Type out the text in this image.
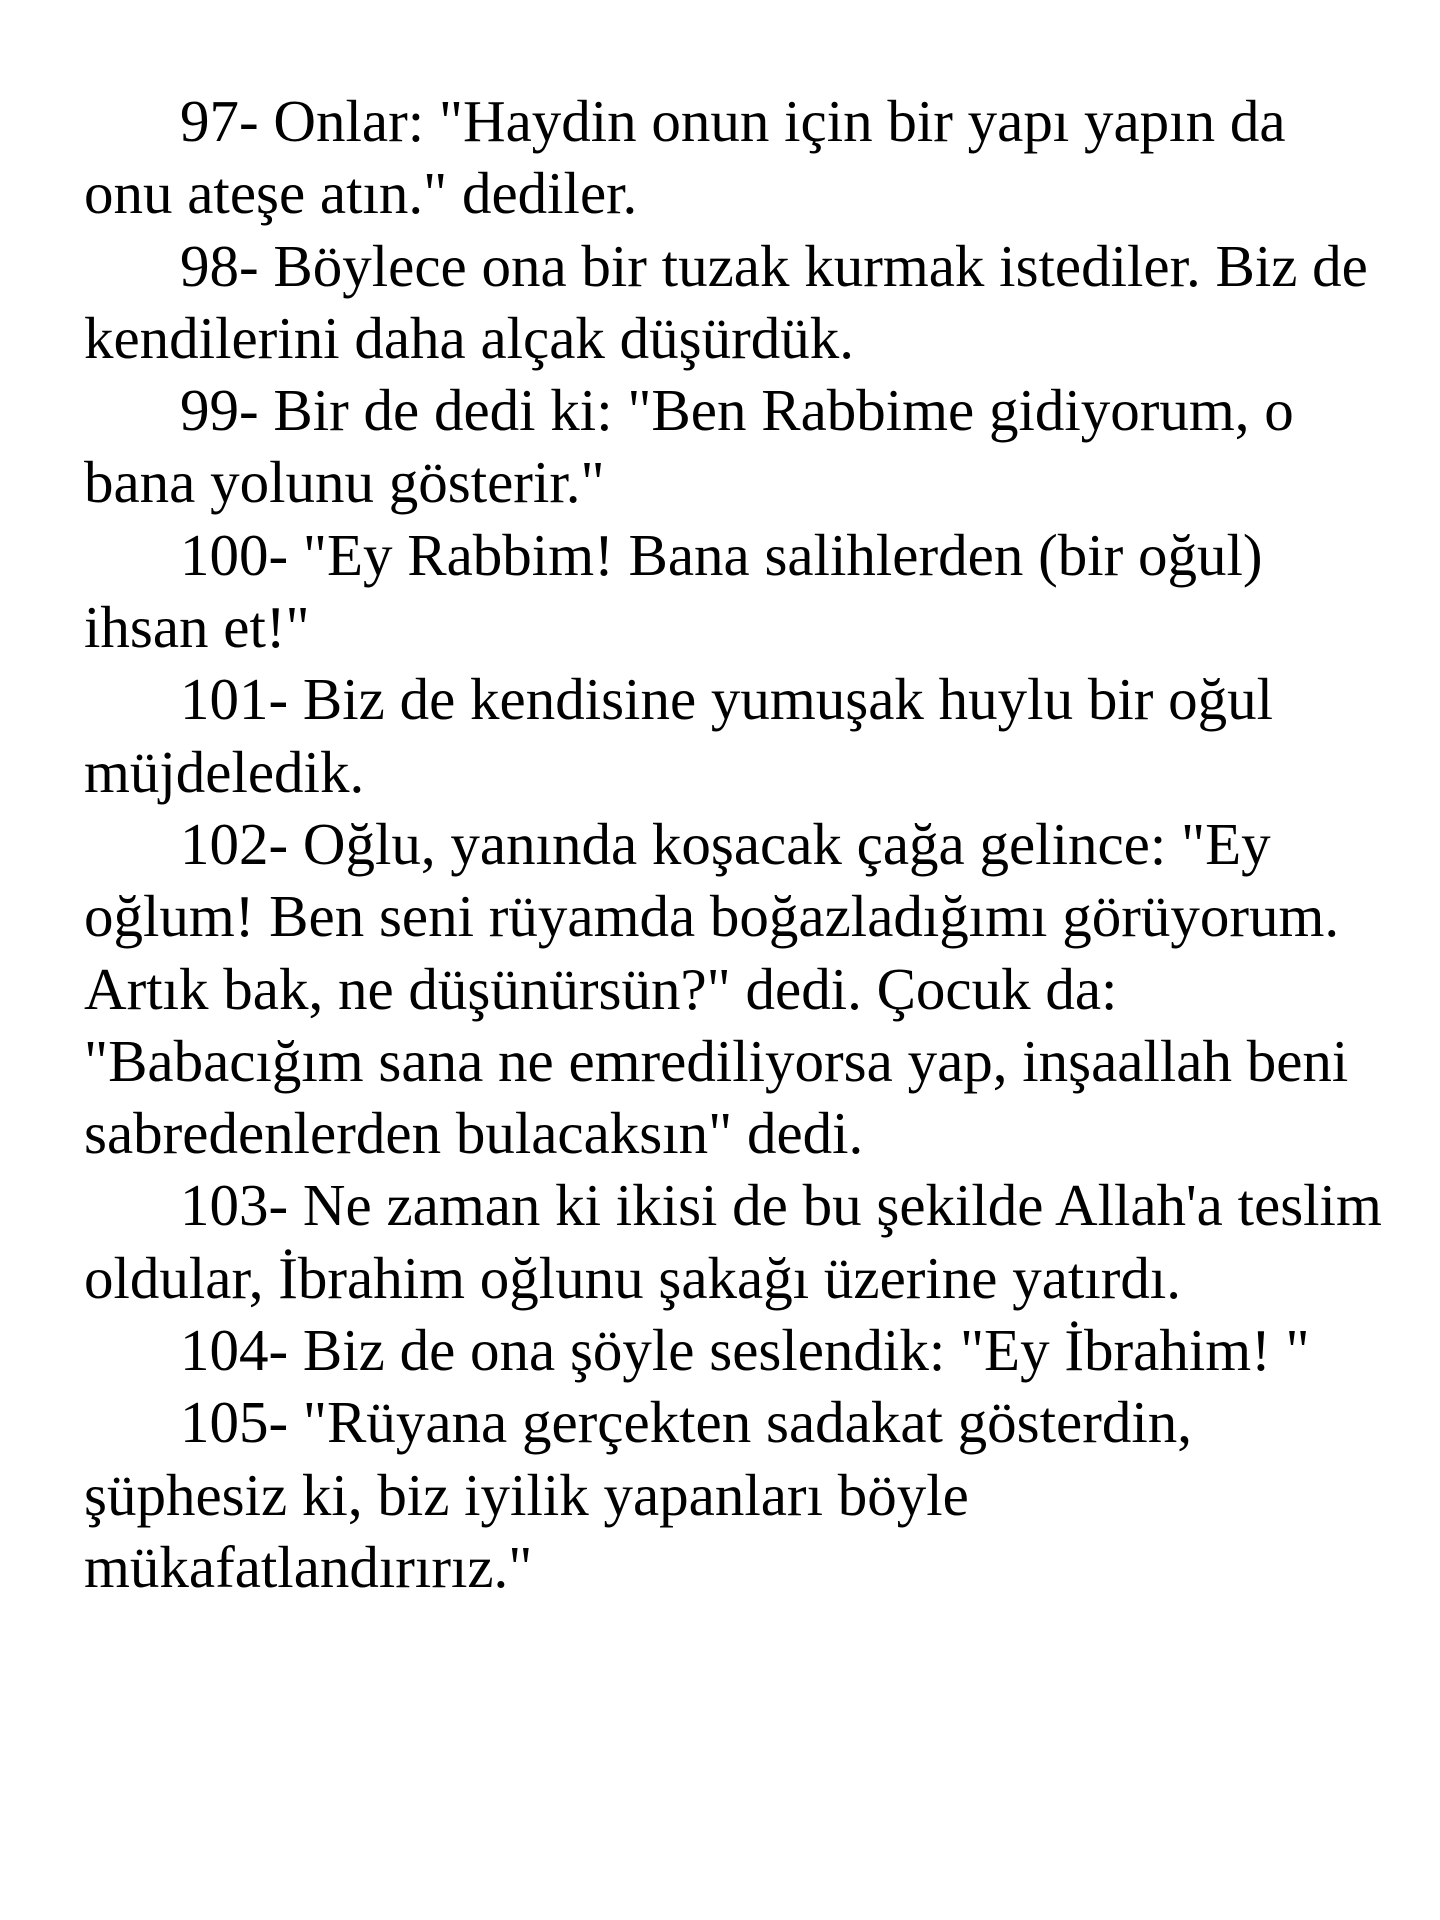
97- Onlar: "Haydin onun için bir yapı yapın da onu ateşe atın." dediler.

98- Böylece ona bir tuzak kurmak istediler. Biz de kendilerini daha alçak düşürdük.

99- Bir de dedi ki: "Ben Rabbime gidiyorum, o bana yolunu gösterir."

100- "Ey Rabbim! Bana salihlerden (bir oğul) ihsan et!"

101- Biz de kendisine yumuşak huylu bir oğul müjdeledik.

102- Oğlu, yanında koşacak çağa gelince: "Ey oğlum! Ben seni rüyamda boğazladığımı görüyorum. Artık bak, ne düşünürsün?" dedi. Çocuk da: "Babacığım sana ne emrediliyorsa yap, inşaallah beni sabredenlerden bulacaksın" dedi.

103- Ne zaman ki ikisi de bu şekilde Allah'a teslim oldular, İbrahim oğlunu şakağı üzerine yatırdı.

104- Biz de ona şöyle seslendik: "Ey İbrahim! "

105- "Rüyana gerçekten sadakat gösterdin, şüphesiz ki, biz iyilik yapanları böyle mükafatlandırırız."
